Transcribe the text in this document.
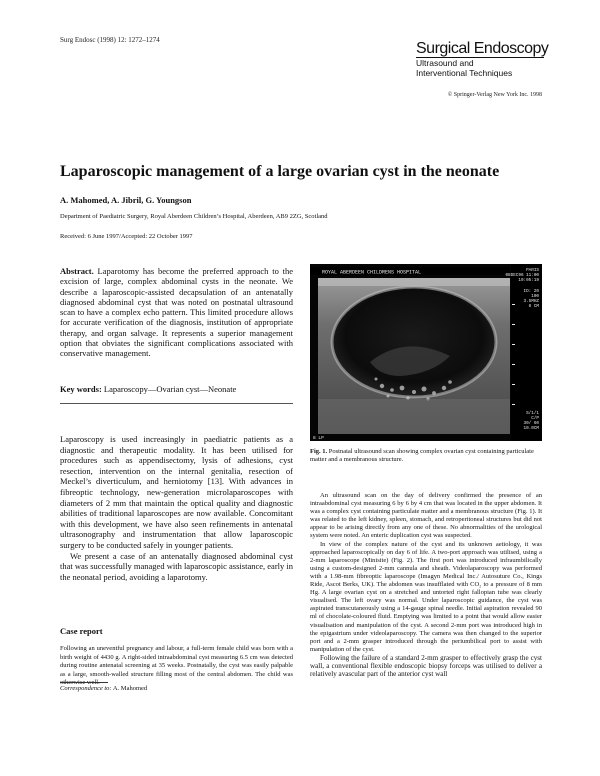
Surg Endosc (1998) 12: 1272–1274	Surgical Endoscopy
Ultrasound and
Interventional Techniques
© Springer-Verlag New York Inc. 1998
Laparoscopic management of a large ovarian cyst in the neonate
A. Mahomed, A. Jibril, G. Youngson
Department of Paediatric Surgery, Royal Aberdeen Children’s Hospital, Aberdeen, AB9 2ZG, Scotland
Received: 6 June 1997/Accepted: 22 October 1997
Abstract. Laparotomy has become the preferred approach to the excision of large, complex abdominal cysts in the neonate. We describe a laparoscopic-assisted decapsulation of an antenatally diagnosed abdominal cyst that was noted on postnatal ultrasound scan to have a complex echo pattern. This limited procedure allows for accurate verification of the diagnosis, institution of appropriate therapy, and organ salvage. It represents a superior management option that obviates the significant complications associated with conservative management.
Key words: Laparoscopy—Ovarian cyst—Neonate

Laparoscopy is used increasingly in paediatric patients as a diagnostic and therapeutic modality. It has been utilised for procedures such as appendisectomy, lysis of adhesions, cyst resection, intervention on the internal genitalia, resection of Meckel’s diverticulum, and herniotomy [13]. With advances in fibreoptic technology, new-generation microlaparoscopes with diameters of 2 mm that maintain the optical quality and diagnostic abilities of traditional laparoscopes are now available. Concomitant with this development, we have also seen refinements in antenatal ultrasonography and instrumentation that allow laparoscopic surgery to be conducted safely in younger patients.

We present a case of an antenatally diagnosed abdominal cyst that was successfully managed with laparoscopic assistance, early in the neonatal period, avoiding a laparotomy.

Case report
Following an uneventful pregnancy and labour, a full-term female child was born with a birth weight of 4430 g. A right-sided intraabdominal cyst measuring 6.5 cm was detected during routine antenatal screening at 35 weeks. Postnatally, the cyst was easily palpable as a large, smooth-walled structure filling most of the central abdomen. The child was
Correspondence to: A. Mahomed
ROYAL ABERDEEN CHILDRENS HOSPITAL	PARIS
08DEC96 11:00
10:05:19
ID: 20
100
3.5MHZ
8 CM
S/1/1
C/P
30/ 60
10.0CM
8 LP
Fig. 1. Postnatal ultrasound scan showing complex ovarian cyst containing particulate matter and a membranous structure.

An ultrasound scan on the day of delivery confirmed the presence of an intraabdominal cyst measuring 6 by 6 by 4 cm that was located in the upper abdomen. It was a complex cyst containing particulate matter and a membranous structure (Fig. 1). It was related to the left kidney, spleen, stomach, and retroperitoneal structures but did not appear to be arising directly from any one of these. No abnormalities of the urological system were noted. An enteric duplication cyst was suspected.

In view of the complex nature of the cyst and its unknown aetiology, it was approached laparoscopically on day 6 of life. A two-port approach was utilised, using a 2-mm laparoscope (Minisite) (Fig. 2). The first port was introduced infraumbilically using a custom-designed 2-mm cannula and sheath. Videolaparoscopy was performed with a 1.98-mm fibreoptic laparoscope (Imagyn Medical Inc./ Autosuture Co., Kings Ride, Ascot Berks, UK). The abdomen was insufflated with CO₂ to a pressure of 8 mm Hg. A large ovarian cyst on a stretched and untorted right fallopian tube was clearly visualised. The left ovary was normal. Under laparoscopic guidance, the cyst was aspirated transcutaneously using a 14-gauge spinal needle. Initial aspiration revealed 90 ml of chocolate-coloured fluid. Emptying was limited to a point that would allow easier visualisation and manipulation of the cyst. A second 2-mm port was introduced high in the epigastrium under videolaparoscopy. The camera was then changed to the superior port and a 2-mm grasper introduced through the periumbilical port to assist with manipulation of the cyst.

Following the failure of a standard 2-mm grasper to effectively grasp the cyst wall, a conventional flexible endoscopic biopsy forceps was utilised to deliver a relatively avascular part of the anterior cyst wall
